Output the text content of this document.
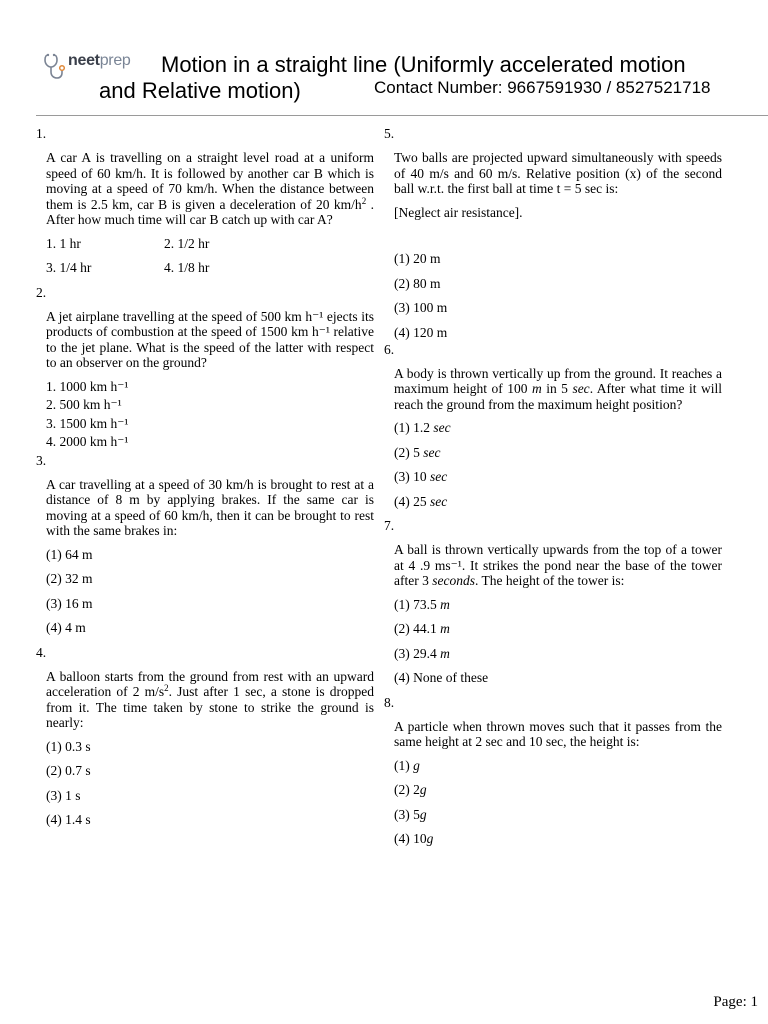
neetprep Motion in a straight line (Uniformly accelerated motion
and Relative motion)	Contact Number: 9667591930 / 8527521718
1.
A car A is travelling on a straight level road at a uniform speed of 60 km/h. It is followed by another car B which is moving at a speed of 70 km/h. When the distance between them is 2.5 km, car B is given a deceleration of 20 $km/h^2$ . After how much time will car B catch up with car A?
1. 1 hr	2. 1/2 hr
3. 1/4 hr	4. 1/8 hr
2.
A jet airplane travelling at the speed of 500 km h⁻¹ ejects its products of combustion at the speed of 1500 km h⁻¹ relative to the jet plane. What is the speed of the latter with respect to an observer on the ground?
1. 1000 km h⁻¹
2. 500 km h⁻¹
3. 1500 km h⁻¹
4. 2000 km h⁻¹
3.
A car travelling at a speed of 30 km/h is brought to rest at a distance of 8 m by applying brakes. If the same car is moving at a speed of 60 km/h, then it can be brought to rest with the same brakes in:
(1) 64 m
(2) 32 m
(3) 16 m
(4) 4 m
4.
A balloon starts from the ground from rest with an upward acceleration of 2 $m/s^2$. Just after 1 sec, a stone is dropped from it. The time taken by stone to strike the ground is nearly:
(1) 0.3 s
(2) 0.7 s
(3) 1 s
(4) 1.4 s
5.
Two balls are projected upward simultaneously with speeds of 40 m/s and 60 m/s. Relative position (x) of the second ball w.r.t. the first ball at time t = 5 sec is:
[Neglect air resistance].
(1) 20 m
(2) 80 m
(3) 100 m
(4) 120 m
6.
A body is thrown vertically up from the ground. It reaches a maximum height of 100 m in 5 sec. After what time it will reach the ground from the maximum height position?
(1) 1.2 sec
(2) 5 sec
(3) 10 sec
(4) 25 sec
7.
A ball is thrown vertically upwards from the top of a tower at 4 .9 ms⁻¹. It strikes the pond near the base of the tower after 3 seconds. The height of the tower is:
(1) 73.5 m
(2) 44.1 m
(3) 29.4 m
(4) None of these
8.
A particle when thrown moves such that it passes from the same height at 2 sec and 10 sec, the height is:
(1) g
(2) 2g
(3) 5g
(4) 10g
Page: 1
